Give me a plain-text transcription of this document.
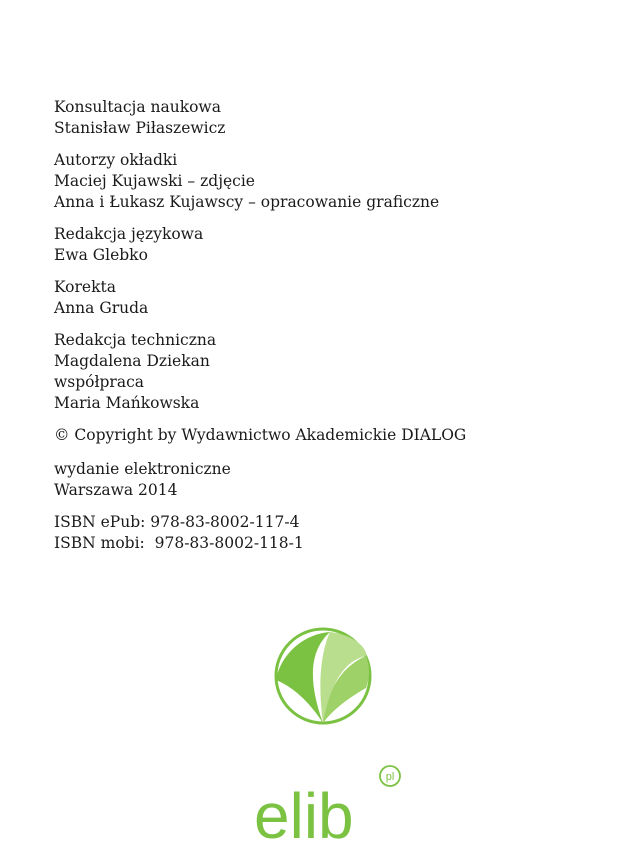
Konsultacja naukowa
Stanisław Piłaszewicz
Autorzy okładki
Maciej Kujawski – zdjęcie
Anna i Łukasz Kujawscy – opracowanie graficzne
Redakcja językowa
Ewa Glebko
Korekta
Anna Gruda
Redakcja techniczna
Magdalena Dziekan
współpraca
Maria Mańkowska
© Copyright by Wydawnictwo Akademickie DIALOG
wydanie elektroniczne
Warszawa 2014
ISBN ePub: 978-83-8002-117-4
ISBN mobi:  978-83-8002-118-1
elib
pl
